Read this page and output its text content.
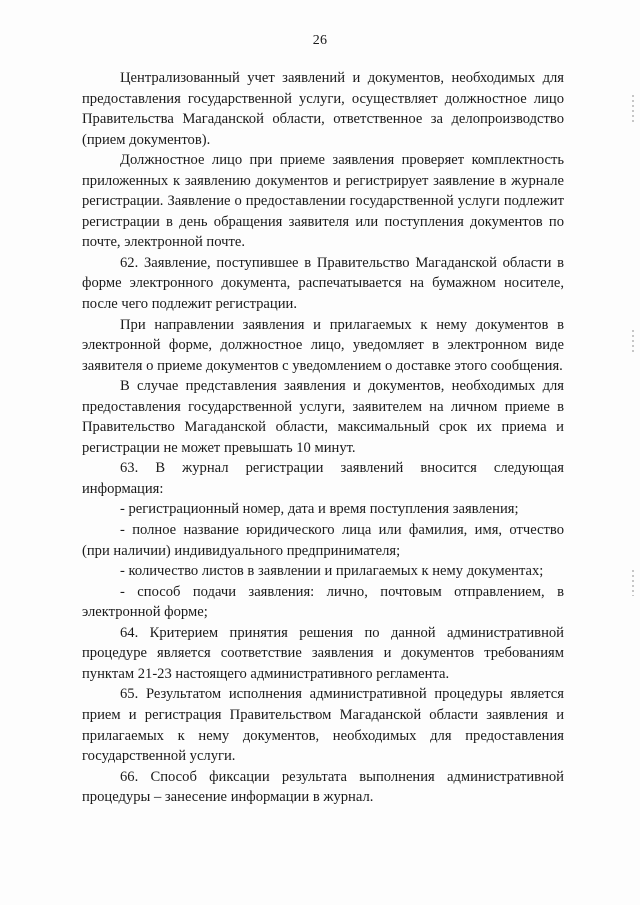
26

Централизованный учет заявлений и документов, необходимых для предоставления государственной услуги, осуществляет должностное лицо Правительства Магаданской области, ответственное за делопроизводство (прием документов).

Должностное лицо при приеме заявления проверяет комплектность приложенных к заявлению документов и регистрирует заявление в журнале регистрации. Заявление о предоставлении государственной услуги подлежит регистрации в день обращения заявителя или поступления документов по почте, электронной почте.

62. Заявление, поступившее в Правительство Магаданской области в форме электронного документа, распечатывается на бумажном носителе, после чего подлежит регистрации.

При направлении заявления и прилагаемых к нему документов в электронной форме, должностное лицо, уведомляет в электронном виде заявителя о приеме документов с уведомлением о доставке этого сообщения.

В случае представления заявления и документов, необходимых для предоставления государственной услуги, заявителем на личном приеме в Правительство Магаданской области, максимальный срок их приема и регистрации не может превышать 10 минут.

63. В журнал регистрации заявлений вносится следующая информация:

- регистрационный номер, дата и время поступления заявления;

- полное название юридического лица или фамилия, имя, отчество (при наличии) индивидуального предпринимателя;

- количество листов в заявлении и прилагаемых к нему документах;

- способ подачи заявления: лично, почтовым отправлением, в электронной форме;

64. Критерием принятия решения по данной административной процедуре является соответствие заявления и документов требованиям пунктам 21-23 настоящего административного регламента.

65. Результатом исполнения административной процедуры является прием и регистрация Правительством Магаданской области заявления и прилагаемых к нему документов, необходимых для предоставления государственной услуги.

66. Способ фиксации результата выполнения административной процедуры – занесение информации в журнал.
